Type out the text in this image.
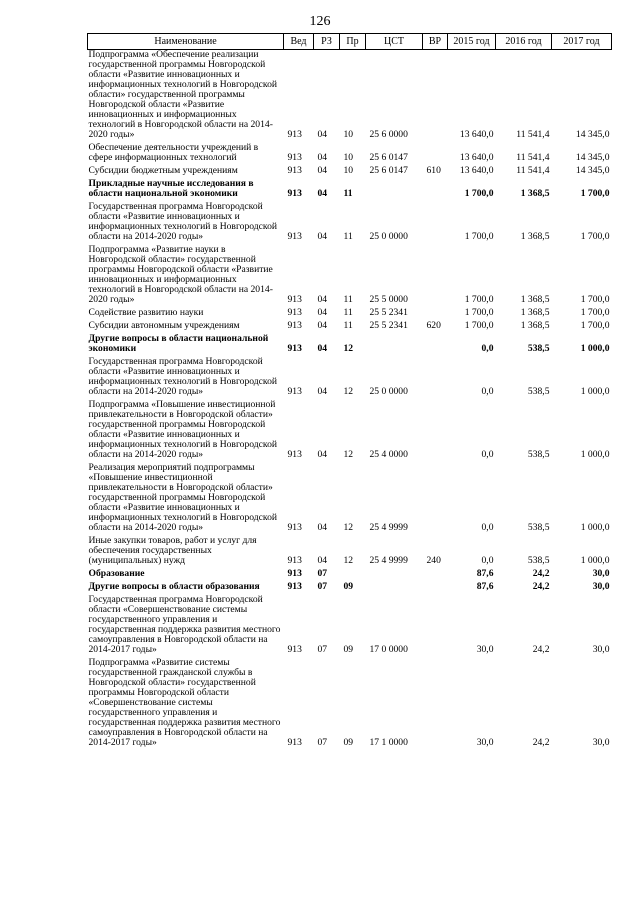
126
Наименование	Вед	РЗ	Пр	ЦСТ	ВР	2015 год	2016 год	2017 год
Подпрограмма «Обеспечение реализации государственной программы Новгородской области «Развитие инновационных и информационных технологий в Новгородской области» государственной программы Новгородской области «Развитие инновационных и информационных технологий в Новгородской области на 2014-2020 годы»	913	04	10	25 6 0000		13 640,0	11 541,4	14 345,0

Обеспечение деятельности учреждений в сфере информационных технологий	913	04	10	25 6 0147		13 640,0	11 541,4	14 345,0

Субсидии бюджетным учреждениям	913	04	10	25 6 0147	610	13 640,0	11 541,4	14 345,0

Прикладные научные исследования в области национальной экономики	913	04	11			1 700,0	1 368,5	1 700,0

Государственная программа Новгородской области «Развитие инновационных и информационных технологий в Новгородской области на 2014-2020 годы»	913	04	11	25 0 0000		1 700,0	1 368,5	1 700,0

Подпрограмма «Развитие науки в Новгородской области» государственной программы Новгородской области «Развитие инновационных и информационных технологий в Новгородской области на 2014-2020 годы»	913	04	11	25 5 0000		1 700,0	1 368,5	1 700,0

Содействие развитию науки	913	04	11	25 5 2341		1 700,0	1 368,5	1 700,0

Субсидии автономным учреждениям	913	04	11	25 5 2341	620	1 700,0	1 368,5	1 700,0

Другие вопросы в области национальной экономики	913	04	12			0,0	538,5	1 000,0

Государственная программа Новгородской области «Развитие инновационных и информационных технологий в Новгородской области на 2014-2020 годы»	913	04	12	25 0 0000		0,0	538,5	1 000,0

Подпрограмма «Повышение инвестиционной привлекательности в Новгородской области» государственной программы Новгородской области «Развитие инновационных и информационных технологий в Новгородской области на 2014-2020 годы»	913	04	12	25 4 0000		0,0	538,5	1 000,0

Реализация мероприятий подпрограммы «Повышение инвестиционной привлекательности в Новгородской области» государственной программы Новгородской области «Развитие инновационных и информационных технологий в Новгородской области на 2014-2020 годы»	913	04	12	25 4 9999		0,0	538,5	1 000,0

Иные закупки товаров, работ и услуг для обеспечения государственных (муниципальных) нужд	913	04	12	25 4 9999	240	0,0	538,5	1 000,0

Образование	913	07				87,6	24,2	30,0

Другие вопросы в области образования	913	07	09			87,6	24,2	30,0

Государственная программа Новгородской области «Совершенствование системы государственного управления и государственная поддержка развития местного самоуправления в Новгородской области на 2014-2017 годы»	913	07	09	17 0 0000		30,0	24,2	30,0

Подпрограмма «Развитие системы государственной гражданской службы в Новгородской области» государственной программы Новгородской области «Совершенствование системы государственного управления и государственная поддержка развития местного самоуправления в Новгородской области на 2014-2017 годы»	913	07	09	17 1 0000		30,0	24,2	30,0
